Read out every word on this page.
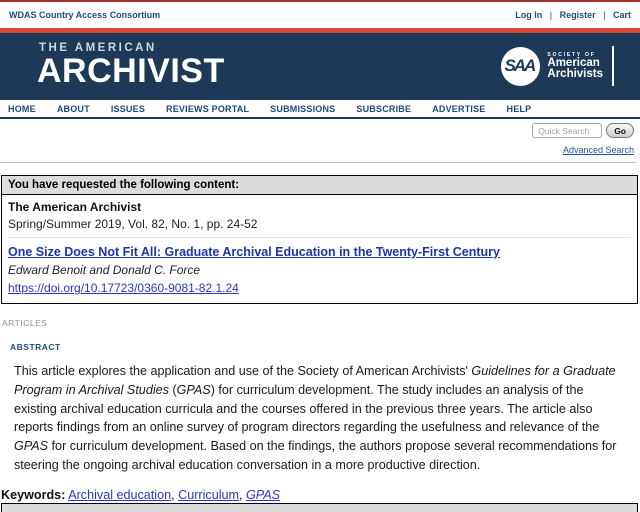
WDAS Country Access Consortium	Log In | Register | Cart
THE AMERICAN
ARCHIVIST	SAA
SOCIETY OF
American
Archivists
HOME ABOUT ISSUES REVIEWS PORTAL SUBMISSIONS SUBSCRIBE ADVERTISE HELP
Quick Search
Go
Advanced Search
You have requested the following content:
The American Archivist
Spring/Summer 2019, Vol. 82, No. 1, pp. 24-52
One Size Does Not Fit All: Graduate Archival Education in the Twenty-First Century
Edward Benoit and Donald C. Force
https://doi.org/10.17723/0360-9081-82.1.24
ARTICLES
ABSTRACT

This article explores the application and use of the Society of American Archivists' Guidelines for a Graduate Program in Archival Studies (GPAS) for curriculum development. The study includes an analysis of the existing archival education curricula and the courses offered in the previous three years. The article also reports findings from an online survey of program directors regarding the usefulness and relevance of the GPAS for curriculum development. Based on the findings, the authors propose several recommendations for steering the ongoing archival education conversation in a more productive direction.

Keywords: Archival education, Curriculum, GPAS
